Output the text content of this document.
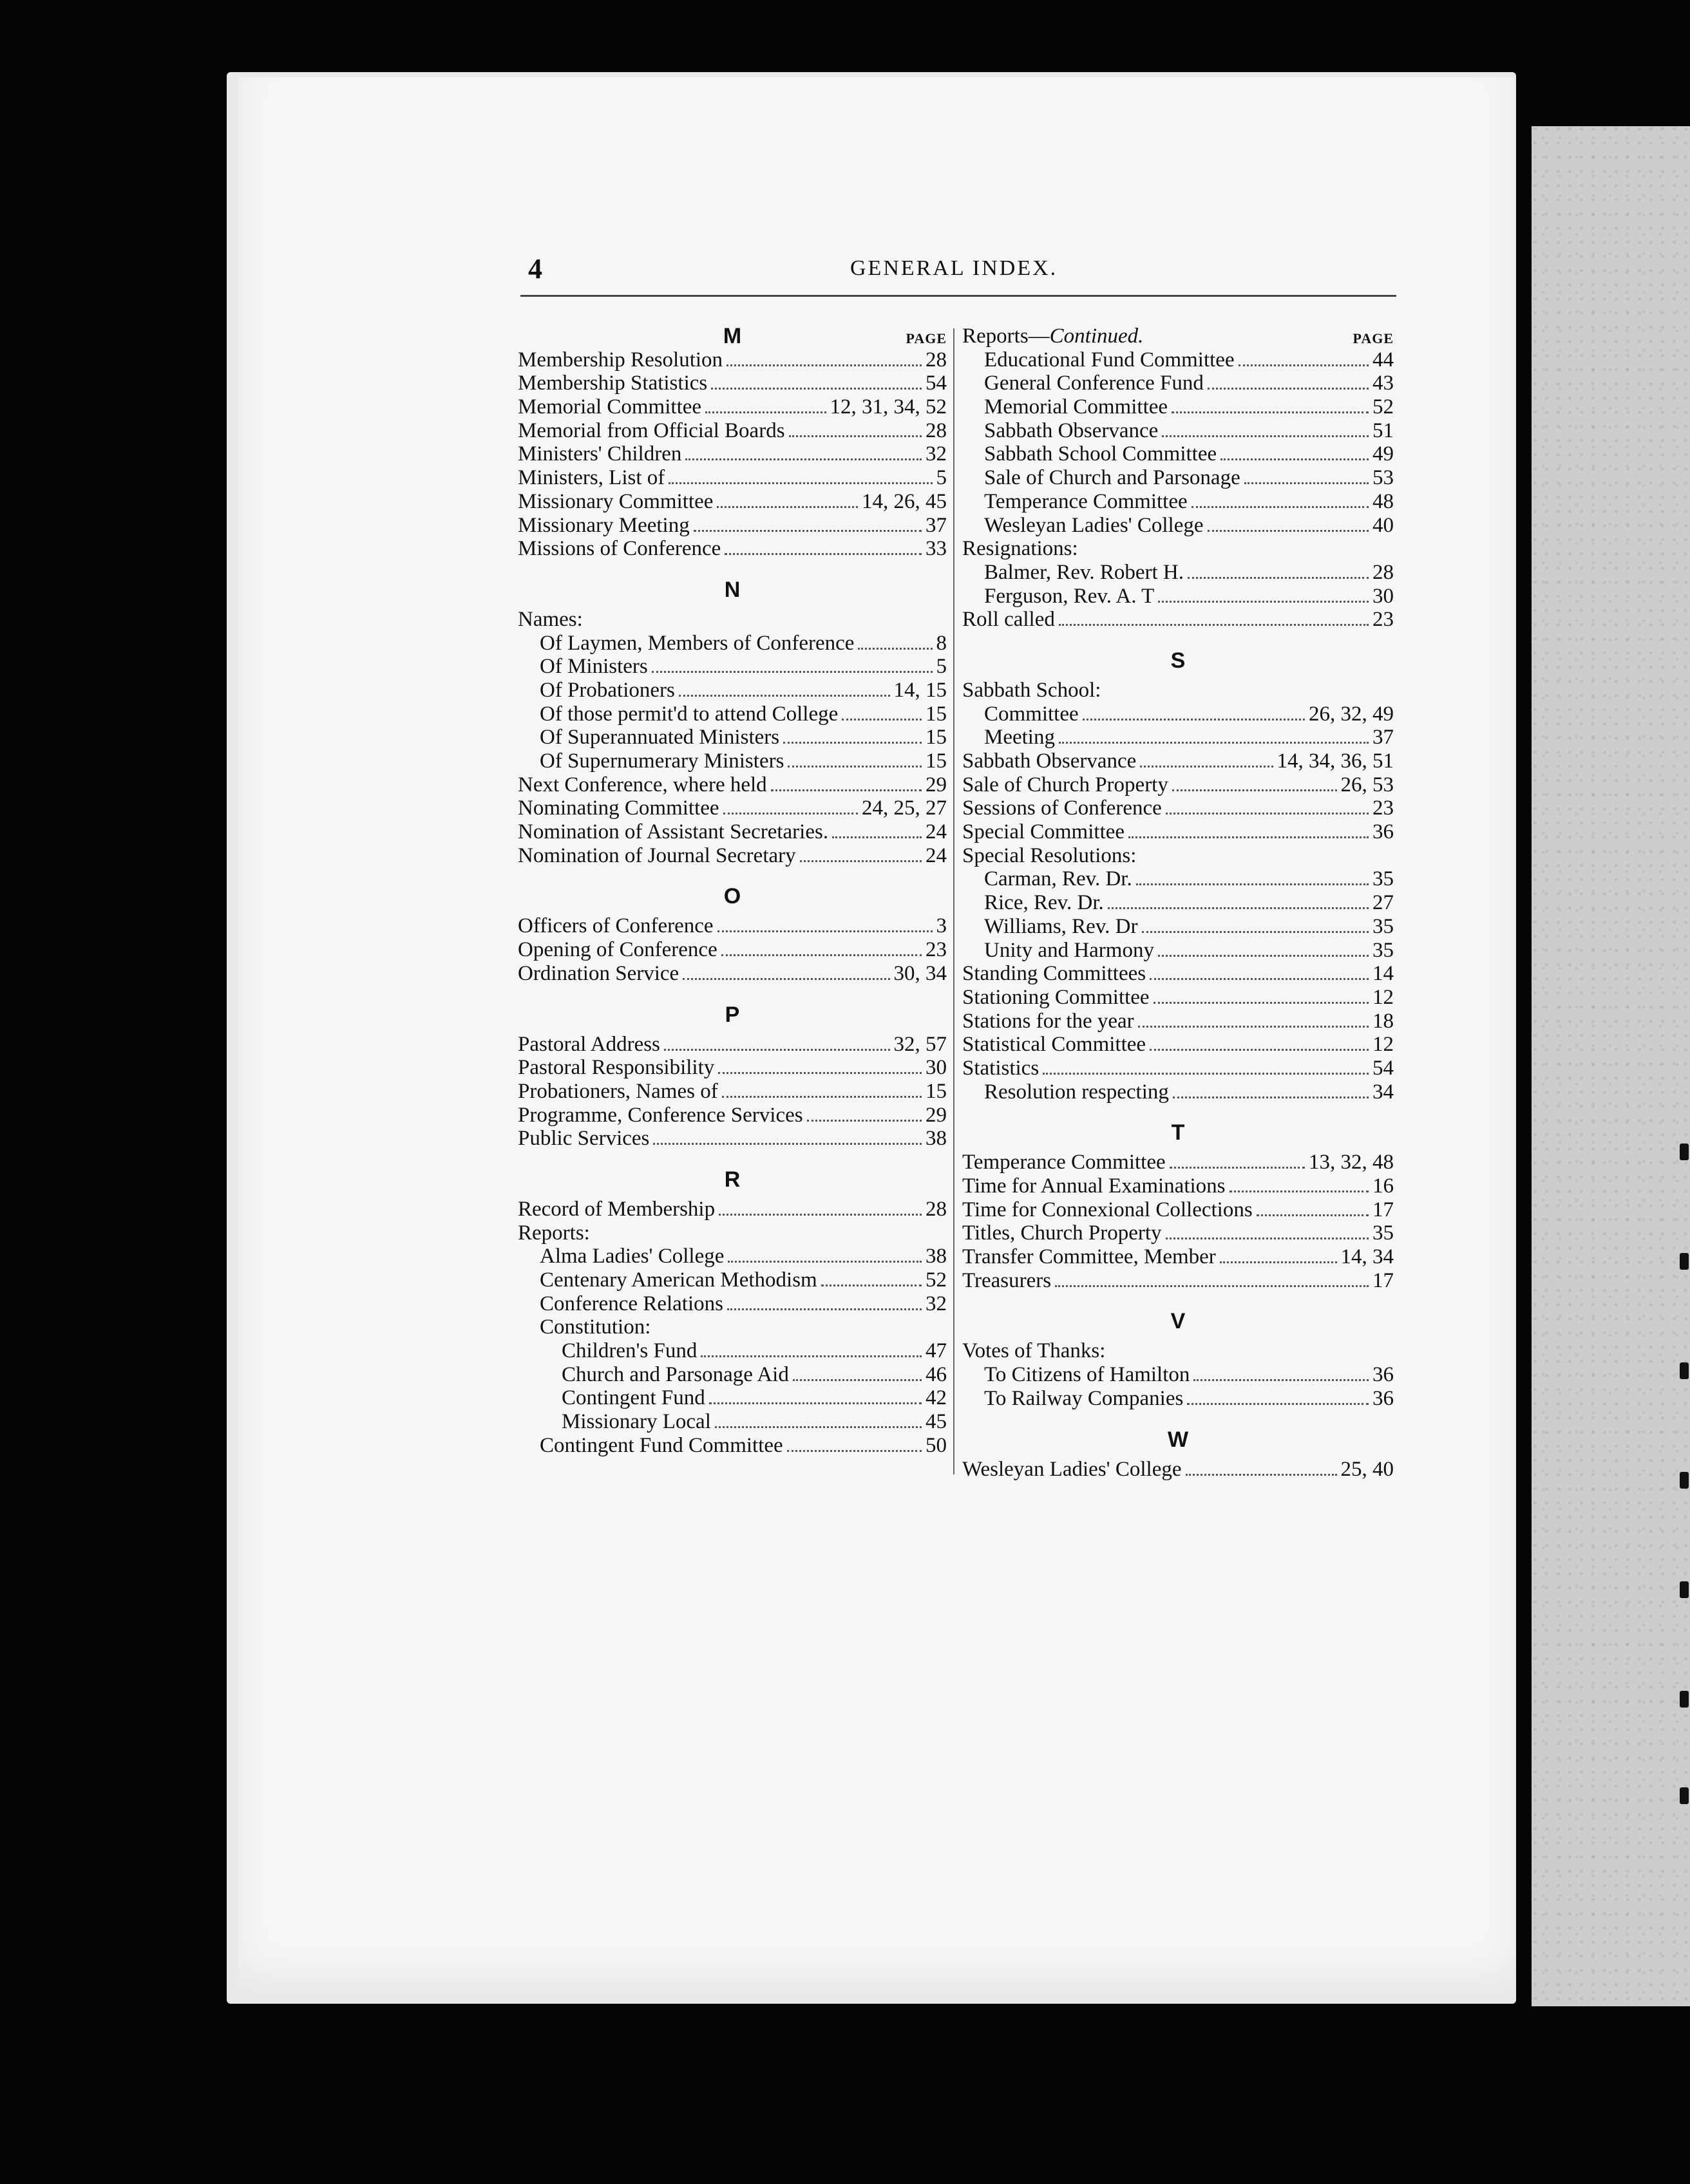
4	GENERAL INDEX.
M	PAGE
Membership Resolution	28
Membership Statistics	54
Memorial Committee	12, 31, 34, 52
Memorial from Official Boards	28
Ministers' Children	32
Ministers, List of	5
Missionary Committee	14, 26, 45
Missionary Meeting	37
Missions of Conference	33
N
Names:
Of Laymen, Members of Conference	8
Of Ministers	5
Of Probationers	14, 15
Of those permit'd to attend College	15
Of Superannuated Ministers	15
Of Supernumerary Ministers	15
Next Conference, where held	29
Nominating Committee	24, 25, 27
Nomination of Assistant Secretaries.	24
Nomination of Journal Secretary	24
O
Officers of Conference	3
Opening of Conference	23
Ordination Service	30, 34
P
Pastoral Address	32, 57
Pastoral Responsibility	30
Probationers, Names of	15
Programme, Conference Services	29
Public Services	38
R
Record of Membership	28
Reports:
Alma Ladies' College	38
Centenary American Methodism	52
Conference Relations	32
Constitution:
Children's Fund	47
Church and Parsonage Aid	46
Contingent Fund	42
Missionary Local	45
Contingent Fund Committee	50
Reports—Continued.	PAGE
Educational Fund Committee	44
General Conference Fund	43
Memorial Committee	52
Sabbath Observance	51
Sabbath School Committee	49
Sale of Church and Parsonage	53
Temperance Committee	48
Wesleyan Ladies' College	40
Resignations:
Balmer, Rev. Robert H.	28
Ferguson, Rev. A. T	30
Roll called	23
S
Sabbath School:
Committee	26, 32, 49
Meeting	37
Sabbath Observance	14, 34, 36, 51
Sale of Church Property	26, 53
Sessions of Conference	23
Special Committee	36
Special Resolutions:
Carman, Rev. Dr.	35
Rice, Rev. Dr.	27
Williams, Rev. Dr	35
Unity and Harmony	35
Standing Committees	14
Stationing Committee	12
Stations for the year	18
Statistical Committee	12
Statistics	54
Resolution respecting	34
T
Temperance Committee	13, 32, 48
Time for Annual Examinations	16
Time for Connexional Collections	17
Titles, Church Property	35
Transfer Committee, Member	14, 34
Treasurers	17
V
Votes of Thanks:
To Citizens of Hamilton	36
To Railway Companies	36
W
Wesleyan Ladies' College	25, 40
